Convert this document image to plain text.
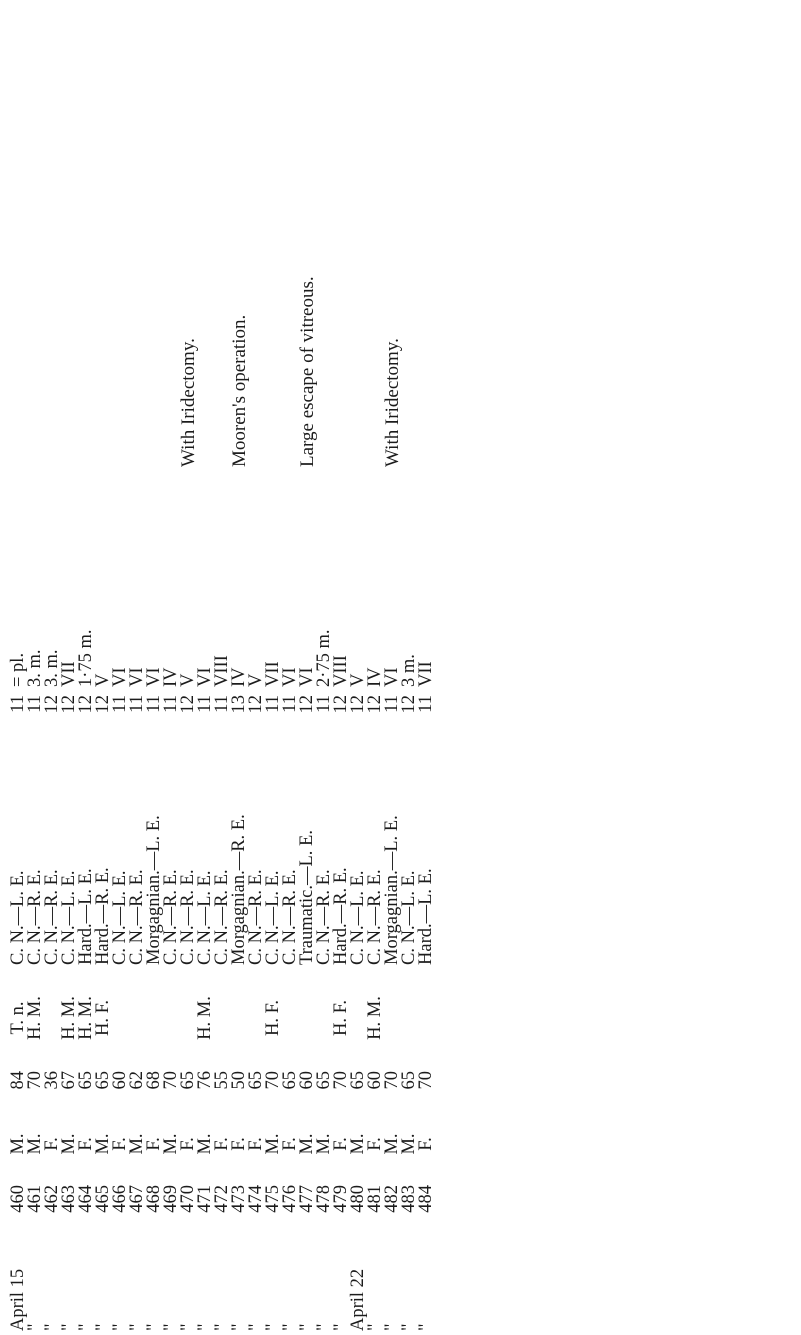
April 15	460	M.	84	T. n.	C. N.—L. E.	11	= pl.	
"	461	M.	70	H. M.	C. N.—R. E.	11	3. m.	
"	462	F.	36		C. N.—R. E.	12	3. m.	
"	463	M.	67	H. M.	C. N.—L. E.	12	VII	
"	464	F.	65	H. M.	Hard.—L. E.	12	1·75 m.	
"	465	M.	65	H. F.	Hard.—R. E.	12	V	
"	466	F.	60		C. N.—L. E.	11	VI	
"	467	M.	62		C. N.—R. E.	11	VI	
"	468	F.	68		Morgagnian.—L. E.	11	VI	
"	469	M.	70		C. N.—R. E.	11	IV	
"	470	F.	65		C. N.—R. E.	12	V	With Iridectomy.
"	471	M.	76	H. M.	C. N.—L. E.	11	VI	
"	472	F.	55		C. N.—R. E.	11	VIII	
"	473	F.	50		Morgagnian.—R. E.	13	IV	Mooren's operation.
"	474	F.	65		C. N.—R. E.	12	V	
"	475	M.	70	H. F.	C. N.—L. E.	11	VII	
"	476	F.	65		C. N.—R. E.	11	VI	
"	477	M.	60		Traumatic.—L. E.	12	VI	Large escape of vitreous.
"	478	M.	65		C. N.—R. E.	11	2·75 m.	
"	479	F.	70	H. F.	Hard.—R. E.	12	VIII	
April 22	480	M.	65		C. N.—L. E.	12	V	
"	481	F.	60	H. M.	C. N.—R. E.	12	IV	
"	482	M.	70		Morgagnian.—L. E.	11	VI	With Iridectomy.
"	483	M.	65		C. N.—L. E.	12	3 m.	
"	484	F.	70		Hard.—L. E.	11	VII	
